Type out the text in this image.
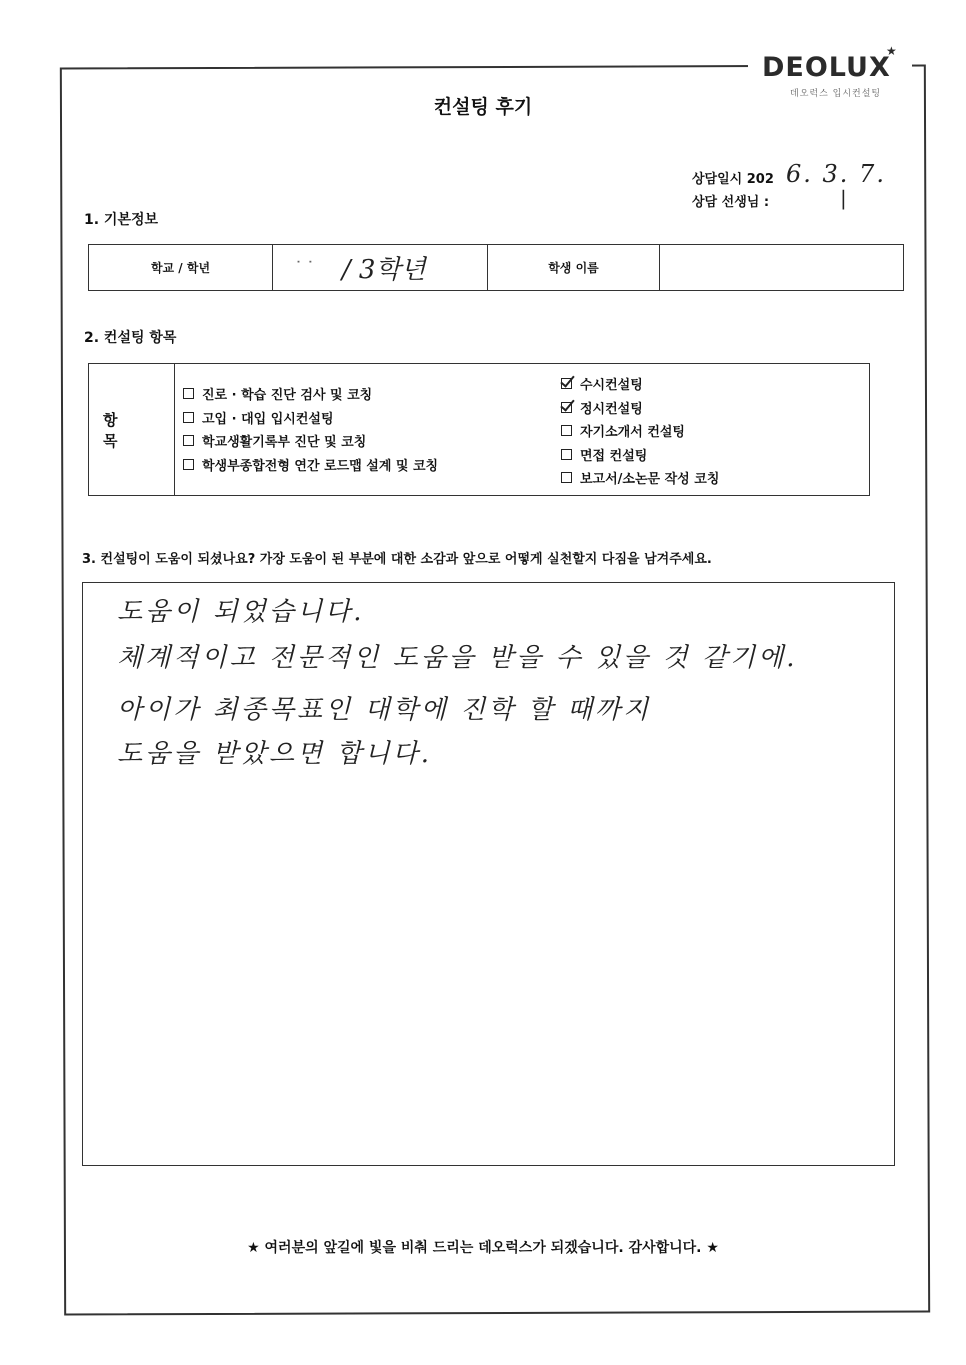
DEOLUX
★
데오럭스 입시컨설팅
컨설팅 후기
상담일시 202 6. 3. 7.
상담 선생님 :	|
1. 기본정보
학교 / 학년	˙ ˙ / 3학년	학생 이름
2. 컨설팅 항목
항 목
진로 · 학습 진단 검사 및 코칭
고입 · 대입 입시컨설팅
학교생활기록부 진단 및 코칭
학생부종합전형 연간 로드맵 설계 및 코칭
수시컨설팅
정시컨설팅
자기소개서 컨설팅
면접 컨설팅
보고서/소논문 작성 코칭
3. 컨설팅이 도움이 되셨나요? 가장 도움이 된 부분에 대한 소감과 앞으로 어떻게 실천할지 다짐을 남겨주세요.
도움이 되었습니다.
체계적이고 전문적인 도움을 받을 수 있을 것 같기에.
아이가 최종목표인 대학에 진학 할 때까지
도움을 받았으면 합니다.
★ 여러분의 앞길에 빛을 비춰 드리는 데오럭스가 되겠습니다. 감사합니다. ★
